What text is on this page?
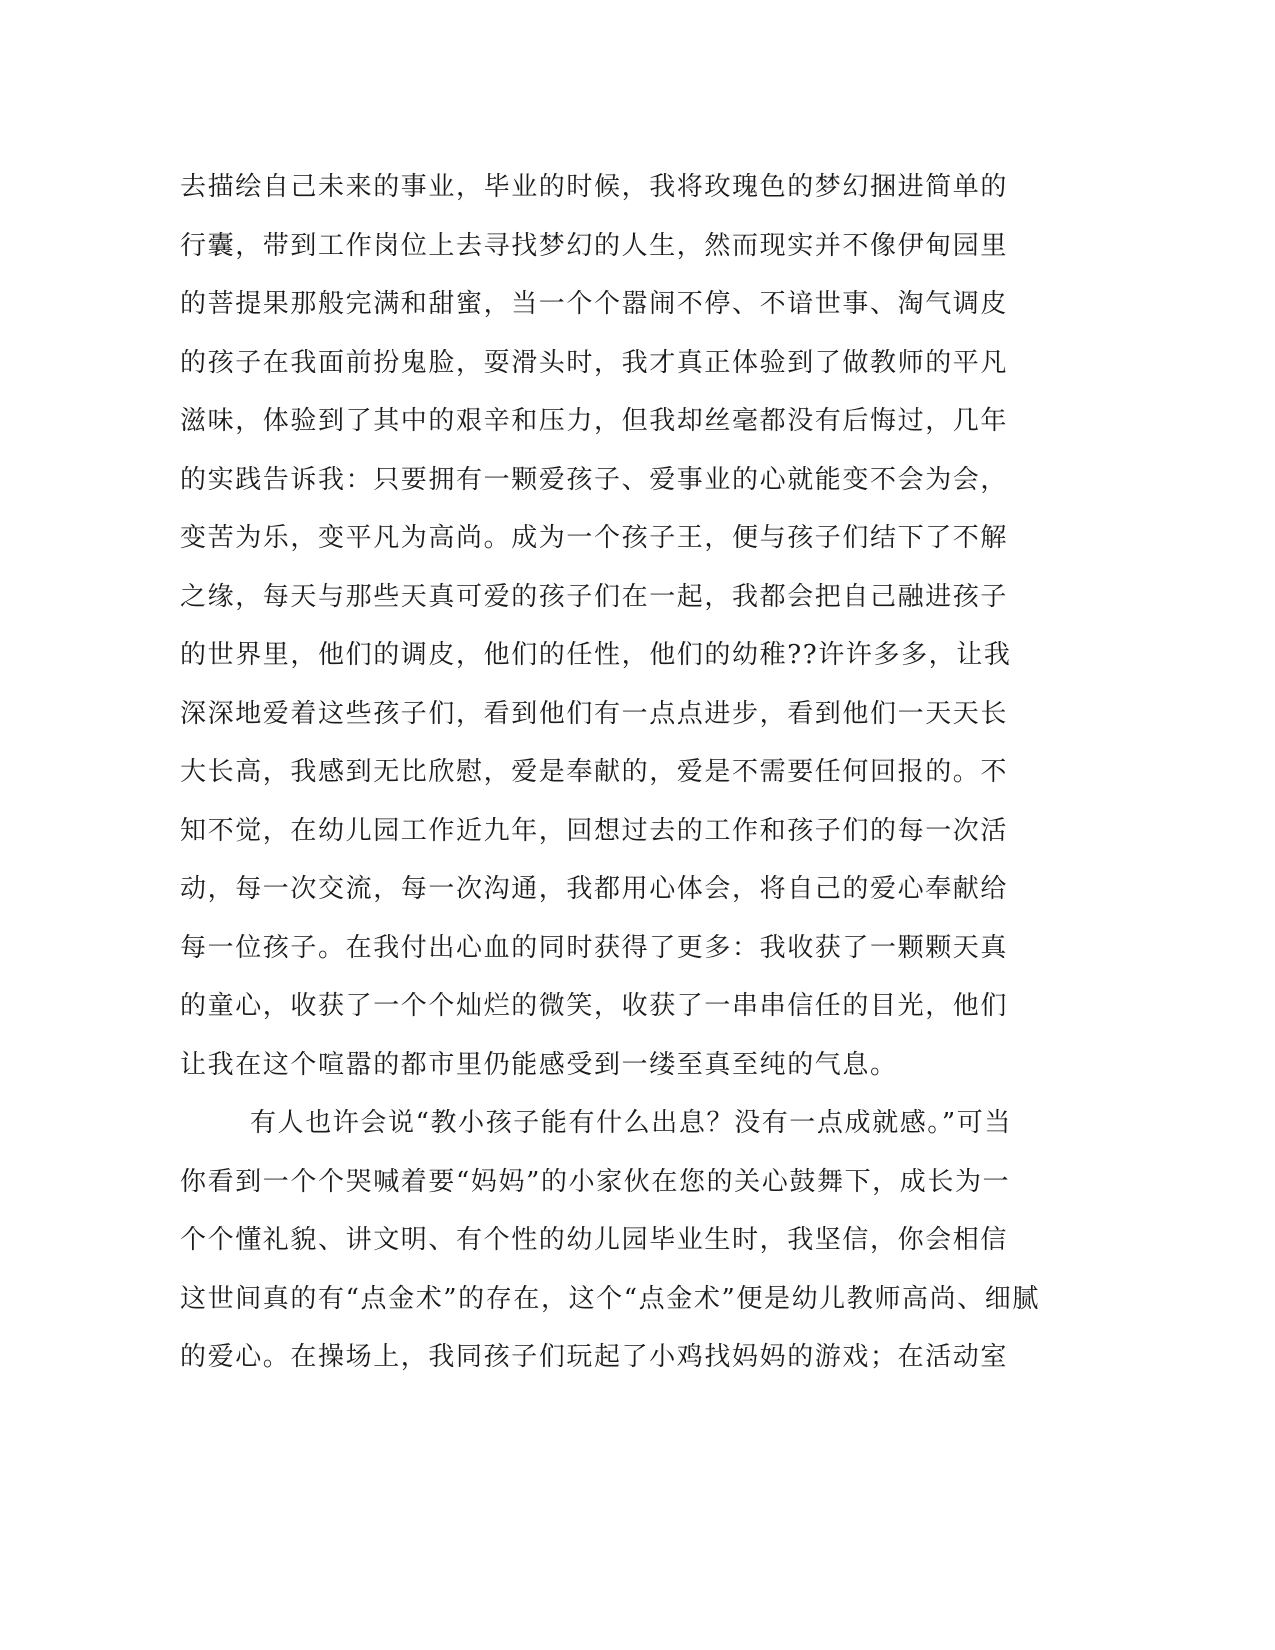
去描绘自己未来的事业，毕业的时候，我将玫瑰色的梦幻捆进简单的
行囊，带到工作岗位上去寻找梦幻的人生，然而现实并不像伊甸园里
的菩提果那般完满和甜蜜，当一个个嚣闹不停、不谙世事、淘气调皮
的孩子在我面前扮鬼脸，耍滑头时，我才真正体验到了做教师的平凡
滋味，体验到了其中的艰辛和压力，但我却丝毫都没有后悔过，几年
的实践告诉我：只要拥有一颗爱孩子、爱事业的心就能变不会为会，
变苦为乐，变平凡为高尚。成为一个孩子王，便与孩子们结下了不解
之缘，每天与那些天真可爱的孩子们在一起，我都会把自己融进孩子
的世界里，他们的调皮，他们的任性，他们的幼稚??许许多多，让我
深深地爱着这些孩子们，看到他们有一点点进步，看到他们一天天长
大长高，我感到无比欣慰，爱是奉献的，爱是不需要任何回报的。不
知不觉，在幼儿园工作近九年，回想过去的工作和孩子们的每一次活
动，每一次交流，每一次沟通，我都用心体会，将自己的爱心奉献给
每一位孩子。在我付出心血的同时获得了更多：我收获了一颗颗天真
的童心，收获了一个个灿烂的微笑，收获了一串串信任的目光，他们
让我在这个喧嚣的都市里仍能感受到一缕至真至纯的气息。
有人也许会说“教小孩子能有什么出息？没有一点成就感。”可当
你看到一个个哭喊着要“妈妈”的小家伙在您的关心鼓舞下，成长为一
个个懂礼貌、讲文明、有个性的幼儿园毕业生时，我坚信，你会相信
这世间真的有“点金术”的存在，这个“点金术”便是幼儿教师高尚、细腻
的爱心。在操场上，我同孩子们玩起了小鸡找妈妈的游戏；在活动室
